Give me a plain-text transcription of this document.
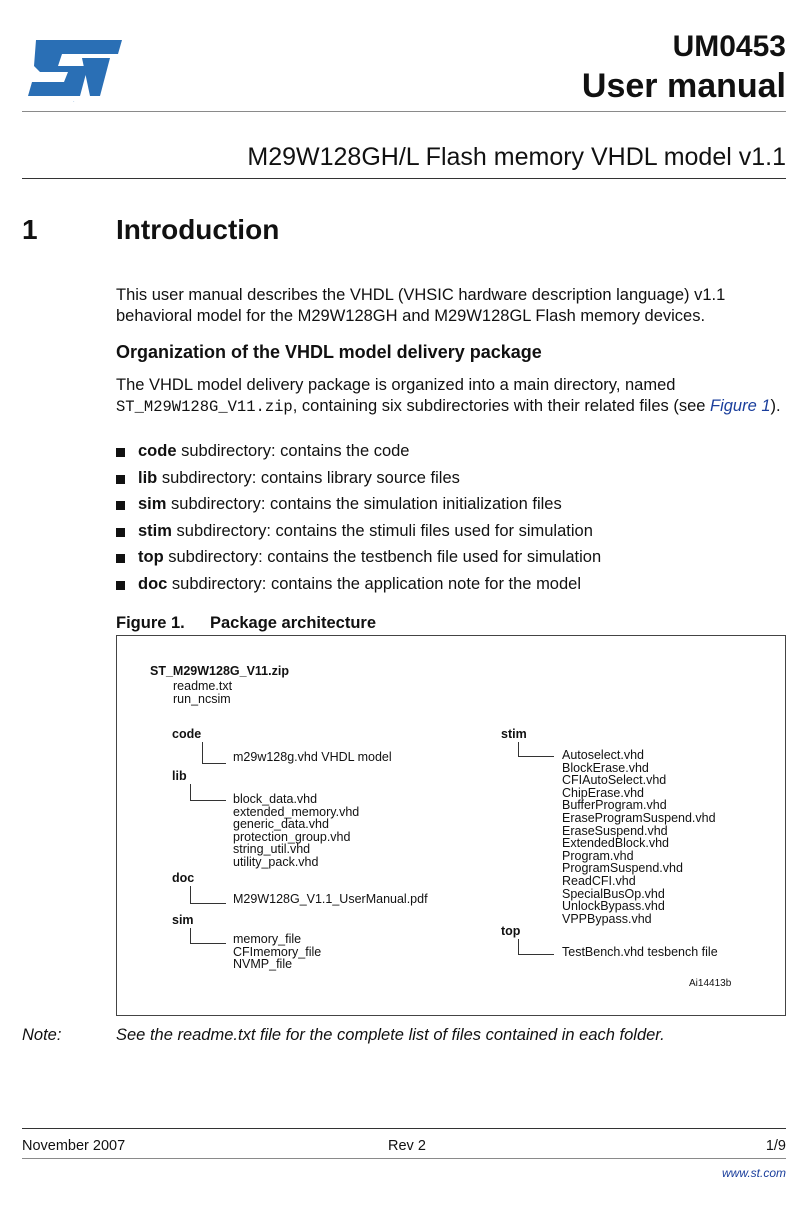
ST
UM0453
User manual
M29W128GH/L Flash memory VHDL model v1.1
1	Introduction
This user manual describes the VHDL (VHSIC hardware description language) v1.1 behavioral model for the M29W128GH and M29W128GL Flash memory devices.
Organization of the VHDL model delivery package
The VHDL model delivery package is organized into a main directory, named ST_M29W128G_V11.zip, containing six subdirectories with their related files (see Figure 1).
code subdirectory: contains the code
lib subdirectory: contains library source files
sim subdirectory: contains the simulation initialization files
stim subdirectory: contains the stimuli files used for simulation
top subdirectory: contains the testbench file used for simulation
doc subdirectory: contains the application note for the model
Figure 1. Package architecture
ST_M29W128G_V11.zip
readme.txt
run_ncsim
code
m29w128g.vhd VHDL model
lib
block_data.vhd
extended_memory.vhd
generic_data.vhd
protection_group.vhd
string_util.vhd
utility_pack.vhd
doc
M29W128G_V1.1_UserManual.pdf
sim
memory_file
CFImemory_file
NVMP_file
stim
Autoselect.vhd
BlockErase.vhd
CFIAutoSelect.vhd
ChipErase.vhd
BufferProgram.vhd
EraseProgramSuspend.vhd
EraseSuspend.vhd
ExtendedBlock.vhd
Program.vhd
ProgramSuspend.vhd
ReadCFI.vhd
SpecialBusOp.vhd
UnlockBypass.vhd
VPPBypass.vhd
top
TestBench.vhd tesbench file
Ai14413b
Note:	See the readme.txt file for the complete list of files contained in each folder.
November 2007	Rev 2	1/9
www.st.com
